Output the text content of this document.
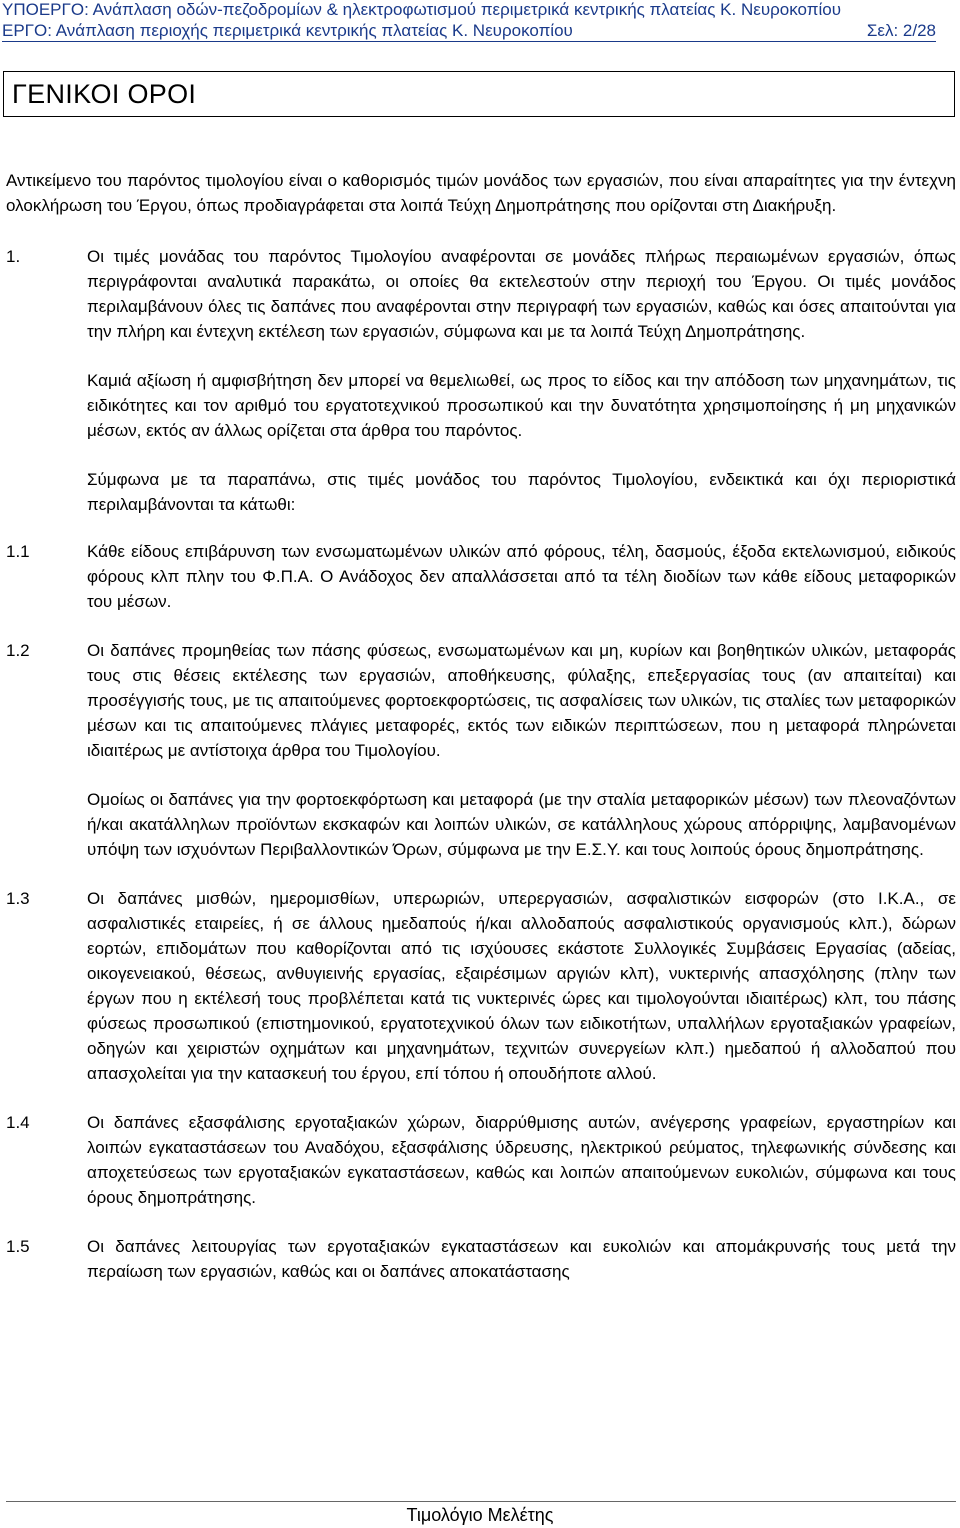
ΥΠΟΕΡΓΟ: Ανάπλαση οδών-πεζοδρομίων & ηλεκτροφωτισμού περιμετρικά κεντρικής πλατείας Κ. Νευροκοπίου
ΕΡΓΟ: Ανάπλαση περιοχής περιμετρικά κεντρικής πλατείας Κ. Νευροκοπίου	Σελ: 2/28
ΓΕΝΙΚΟΙ ΟΡΟΙ

Αντικείμενο του παρόντος τιμολογίου είναι ο καθορισμός τιμών μονάδος των εργασιών, που είναι απαραίτητες για την έντεχνη ολοκλήρωση του Έργου, όπως προδιαγράφεται στα λοιπά Τεύχη Δημοπράτησης που ορίζονται στη Διακήρυξη.

1.	Οι τιμές μονάδας του παρόντος Τιμολογίου αναφέρονται σε μονάδες πλήρως περαιωμένων εργασιών, όπως περιγράφονται αναλυτικά παρακάτω, οι οποίες θα εκτελεστούν στην περιοχή του Έργου. Οι τιμές μονάδος περιλαμβάνουν όλες τις δαπάνες που αναφέρονται στην περιγραφή των εργασιών, καθώς και όσες απαιτούνται για την πλήρη και έντεχνη εκτέλεση των εργασιών, σύμφωνα και με τα λοιπά Τεύχη Δημοπράτησης.

Καμιά αξίωση ή αμφισβήτηση δεν μπορεί να θεμελιωθεί, ως προς το είδος και την απόδοση των μηχανημάτων, τις ειδικότητες και τον αριθμό του εργατοτεχνικού προσωπικού και την δυνατότητα χρησιμοποίησης ή μη μηχανικών μέσων, εκτός αν άλλως ορίζεται στα άρθρα του παρόντος.

Σύμφωνα με τα παραπάνω, στις τιμές μονάδος του παρόντος Τιμολογίου, ενδεικτικά και όχι περιοριστικά περιλαμβάνονται τα κάτωθι:

1.1	Κάθε είδους επιβάρυνση των ενσωματωμένων υλικών από φόρους, τέλη, δασμούς, έξοδα εκτελωνισμού, ειδικούς φόρους κλπ πλην του Φ.Π.Α. Ο Ανάδοχος δεν απαλλάσσεται από τα τέλη διοδίων των κάθε είδους μεταφορικών του μέσων.
1.2	Οι δαπάνες προμηθείας των πάσης φύσεως, ενσωματωμένων και μη, κυρίων και βοηθητικών υλικών, μεταφοράς τους στις θέσεις εκτέλεσης των εργασιών, αποθήκευσης, φύλαξης, επεξεργασίας τους (αν απαιτείται) και προσέγγισής τους, με τις απαιτούμενες φορτοεκφορτώσεις, τις ασφαλίσεις των υλικών, τις σταλίες των μεταφορικών μέσων και τις απαιτούμενες πλάγιες μεταφορές, εκτός των ειδικών περιπτώσεων, που η μεταφορά πληρώνεται ιδιαιτέρως με αντίστοιχα άρθρα του Τιμολογίου.

Ομοίως οι δαπάνες για την φορτοεκφόρτωση και μεταφορά (με την σταλία μεταφορικών μέσων) των πλεοναζόντων ή/και ακατάλληλων προϊόντων εκσκαφών και λοιπών υλικών, σε κατάλληλους χώρους απόρριψης, λαμβανομένων υπόψη των ισχυόντων Περιβαλλοντικών Όρων, σύμφωνα με την Ε.Σ.Υ. και τους λοιπούς όρους δημοπράτησης.

1.3	Οι δαπάνες μισθών, ημερομισθίων, υπερωριών, υπερεργασιών, ασφαλιστικών εισφορών (στο Ι.Κ.Α., σε ασφαλιστικές εταιρείες, ή σε άλλους ημεδαπούς ή/και αλλοδαπούς ασφαλιστικούς οργανισμούς κλπ.), δώρων εορτών, επιδομάτων που καθορίζονται από τις ισχύουσες εκάστοτε Συλλογικές Συμβάσεις Εργασίας (αδείας, οικογενειακού, θέσεως, ανθυγιεινής εργασίας, εξαιρέσιμων αργιών κλπ), νυκτερινής απασχόλησης (πλην των έργων που η εκτέλεσή τους προβλέπεται κατά τις νυκτερινές ώρες και τιμολογούνται ιδιαιτέρως) κλπ, του πάσης φύσεως προσωπικού (επιστημονικού, εργατοτεχνικού όλων των ειδικοτήτων, υπαλλήλων εργοταξιακών γραφείων, οδηγών και χειριστών οχημάτων και μηχανημάτων, τεχνιτών συνεργείων κλπ.) ημεδαπού ή αλλοδαπού που απασχολείται για την κατασκευή του έργου, επί τόπου ή οπουδήποτε αλλού.
1.4	Οι δαπάνες εξασφάλισης εργοταξιακών χώρων, διαρρύθμισης αυτών, ανέγερσης γραφείων, εργαστηρίων και λοιπών εγκαταστάσεων του Αναδόχου, εξασφάλισης ύδρευσης, ηλεκτρικού ρεύματος, τηλεφωνικής σύνδεσης και αποχετεύσεως των εργοταξιακών εγκαταστάσεων, καθώς και λοιπών απαιτούμενων ευκολιών, σύμφωνα και τους όρους δημοπράτησης.
1.5	Οι δαπάνες λειτουργίας των εργοταξιακών εγκαταστάσεων και ευκολιών και απομάκρυνσής τους μετά την περαίωση των εργασιών, καθώς και οι δαπάνες αποκατάστασης
Τιμολόγιο Μελέτης
